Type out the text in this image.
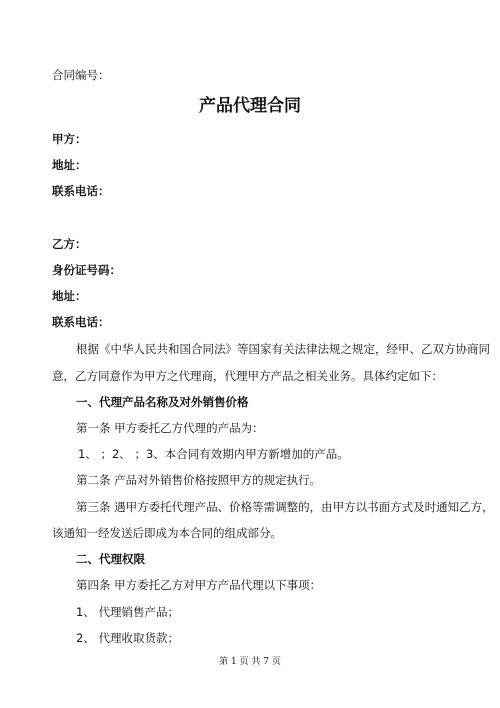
合同编号：
产品代理合同
甲方：
地址：
联系电话：
乙方：
身份证号码：
地址：
联系电话：
根据《中华人民共和国合同法》等国家有关法律法规之规定，经甲、乙双方协商同
意，乙方同意作为甲方之代理商，代理甲方产品之相关业务。具体约定如下：
一、代理产品名称及对外销售价格
第一条 甲方委托乙方代理的产品为：
1、 ；2、 ；3、本合同有效期内甲方新增加的产品。
第二条 产品对外销售价格按照甲方的规定执行。
第三条 遇甲方委托代理产品、价格等需调整的，由甲方以书面方式及时通知乙方，
该通知一经发送后即成为本合同的组成部分。
二、代理权限
第四条 甲方委托乙方对甲方产品代理以下事项：
1、 代理销售产品；
2、 代理收取货款；
第 1 页 共 7 页
